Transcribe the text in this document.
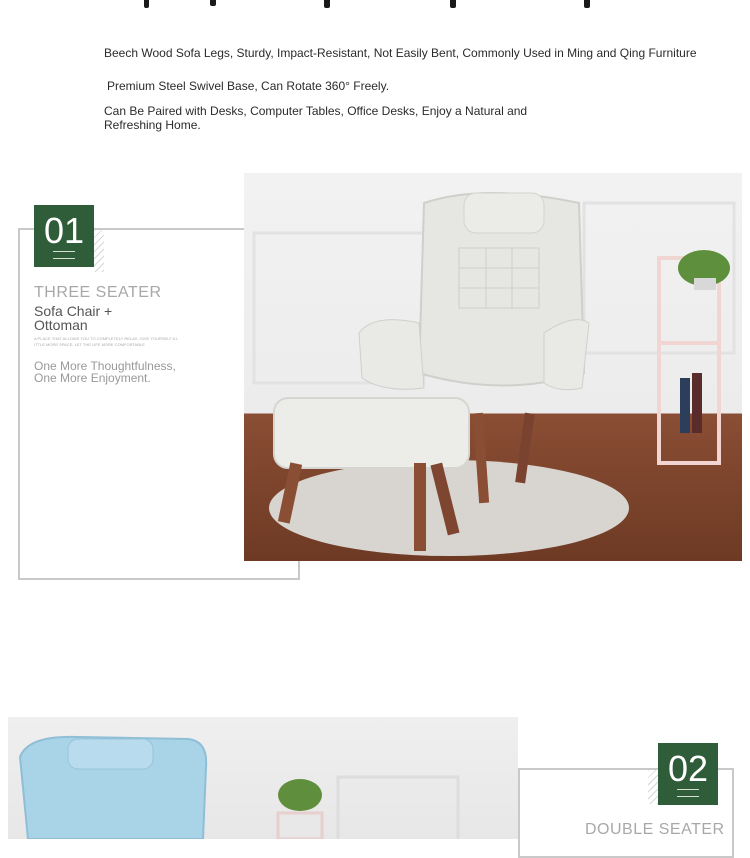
Beech Wood Sofa Legs, Sturdy, Impact-Resistant, Not Easily Bent, Commonly Used in Ming and Qing Furniture
Premium Steel Swivel Base, Can Rotate 360° Freely.
Can Be Paired with Desks, Computer Tables, Office Desks, Enjoy a Natural and
Refreshing Home.
01
THREE SEATER
Sofa Chair +
Ottoman
A PLACE THAT ALLOWS YOU TO COMPLETELY RELAX, GIVE YOURSELF A L
ITTLE MORE SPACE, LET THE LIFE MORE COMFORTABLE
One More Thoughtfulness,
One More Enjoyment.
02
DOUBLE SEATER
